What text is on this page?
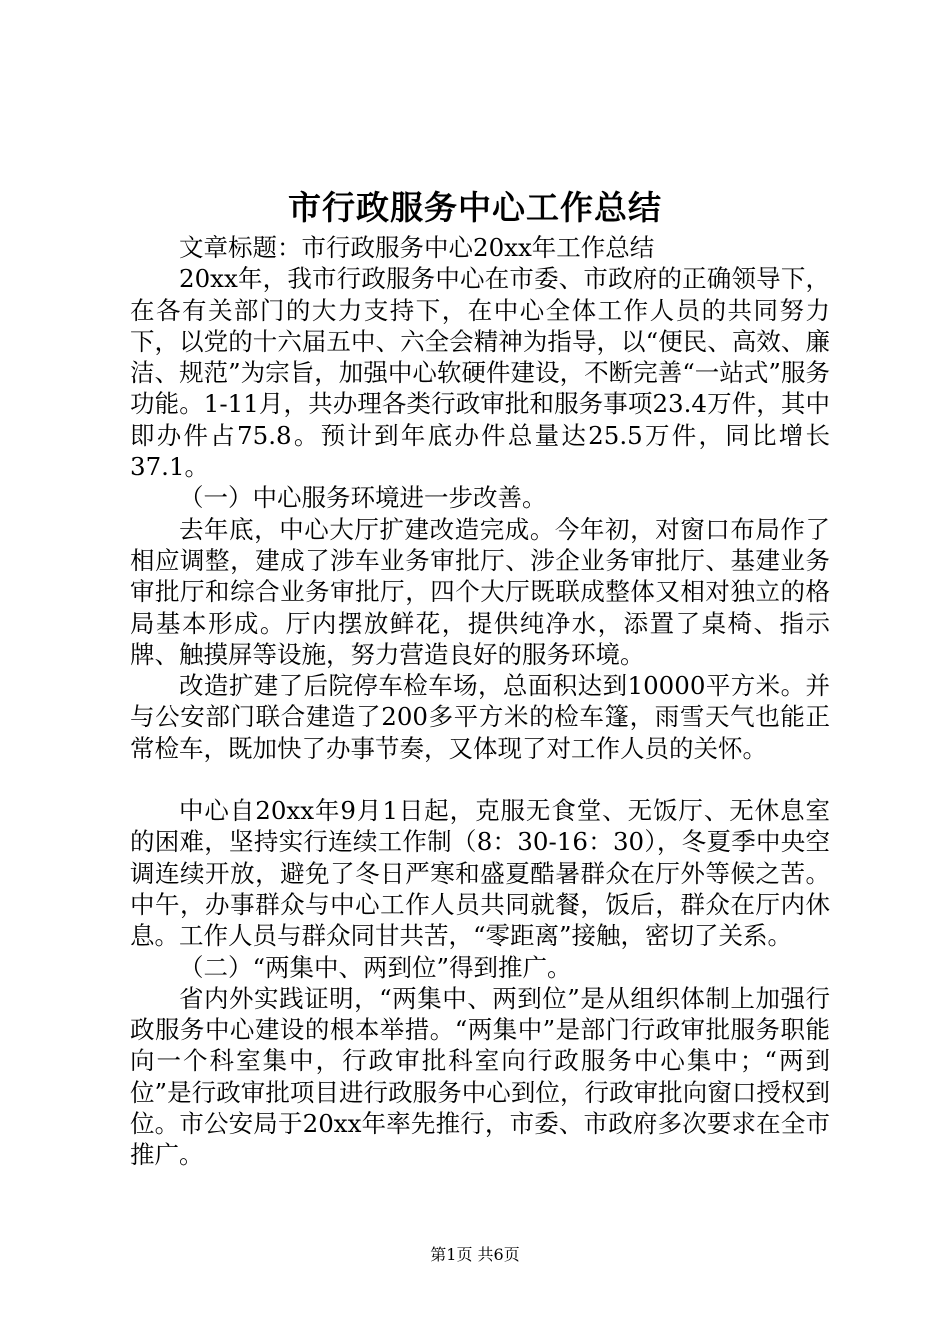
市行政服务中心工作总结

文章标题：市行政服务中心20xx年工作总结

20xx年，我市行政服务中心在市委、市政府的正确领导下，在各有关部门的大力支持下，在中心全体工作人员的共同努力下，以党的十六届五中、六全会精神为指导，以“便民、高效、廉洁、规范”为宗旨，加强中心软硬件建设，不断完善“一站式”服务功能。1-11月，共办理各类行政审批和服务事项23.4万件，其中即办件占75.8。预计到年底办件总量达25.5万件，同比增长37.1。

（一）中心服务环境进一步改善。

去年底，中心大厅扩建改造完成。今年初，对窗口布局作了相应调整，建成了涉车业务审批厅、涉企业务审批厅、基建业务审批厅和综合业务审批厅，四个大厅既联成整体又相对独立的格局基本形成。厅内摆放鲜花，提供纯净水，添置了桌椅、指示牌、触摸屏等设施，努力营造良好的服务环境。

改造扩建了后院停车检车场，总面积达到10000平方米。并与公安部门联合建造了200多平方米的检车篷，雨雪天气也能正常检车，既加快了办事节奏，又体现了对工作人员的关怀。

中心自20xx年9月1日起，克服无食堂、无饭厅、无休息室的困难，坚持实行连续工作制（8：30-16：30），冬夏季中央空调连续开放，避免了冬日严寒和盛夏酷暑群众在厅外等候之苦。中午，办事群众与中心工作人员共同就餐，饭后，群众在厅内休息。工作人员与群众同甘共苦，“零距离”接触，密切了关系。

（二）“两集中、两到位”得到推广。

省内外实践证明，“两集中、两到位”是从组织体制上加强行政服务中心建设的根本举措。“两集中”是部门行政审批服务职能向一个科室集中，行政审批科室向行政服务中心集中；“两到位”是行政审批项目进行政服务中心到位，行政审批向窗口授权到位。市公安局于20xx年率先推行，市委、市政府多次要求在全市推广。

第1页 共6页
